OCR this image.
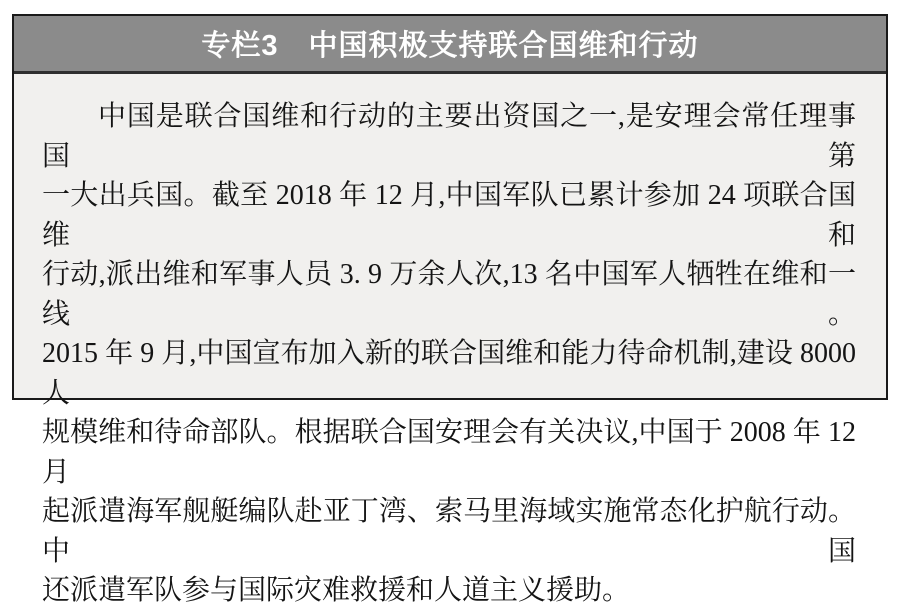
专栏3　中国积极支持联合国维和行动
中国是联合国维和行动的主要出资国之一,是安理会常任理事国第
一大出兵国。截至 2018 年 12 月,中国军队已累计参加 24 项联合国维和
行动,派出维和军事人员 3. 9 万余人次,13 名中国军人牺牲在维和一线。
2015 年 9 月,中国宣布加入新的联合国维和能力待命机制,建设 8000 人
规模维和待命部队。根据联合国安理会有关决议,中国于 2008 年 12 月
起派遣海军舰艇编队赴亚丁湾、索马里海域实施常态化护航行动。中国
还派遣军队参与国际灾难救援和人道主义援助。
